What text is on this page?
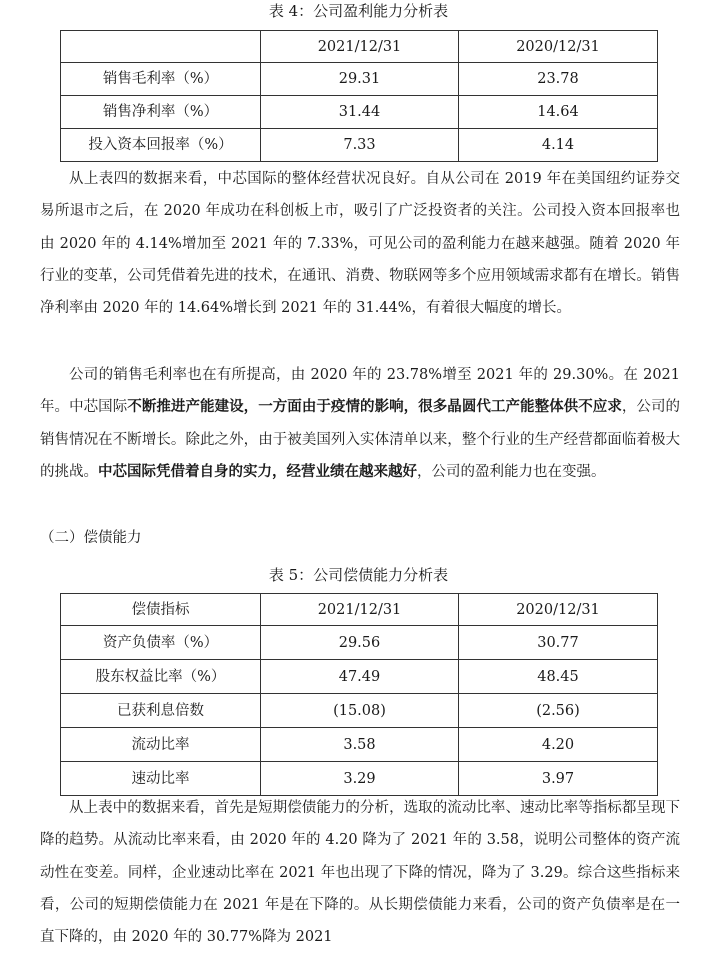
表 4：公司盈利能力分析表
	2021/12/31	2020/12/31
销售毛利率（%）	29.31	23.78
销售净利率（%）	31.44	14.64
投入资本回报率（%）	7.33	4.14

从上表四的数据来看，中芯国际的整体经营状况良好。自从公司在 2019 年在美国纽约证券交易所退市之后，在 2020 年成功在科创板上市，吸引了广泛投资者的关注。公司投入资本回报率也由 2020 年的 4.14%增加至 2021 年的 7.33%，可见公司的盈利能力在越来越强。随着 2020 年行业的变革，公司凭借着先进的技术，在通讯、消费、物联网等多个应用领域需求都有在增长。销售净利率由 2020 年的 14.64%增长到 2021 年的 31.44%，有着很大幅度的增长。

公司的销售毛利率也在有所提高，由 2020 年的 23.78%增至 2021 年的 29.30%。在 2021 年。中芯国际不断推进产能建设，一方面由于疫情的影响，很多晶圆代工产能整体供不应求，公司的销售情况在不断增长。除此之外，由于被美国列入实体清单以来，整个行业的生产经营都面临着极大的挑战。中芯国际凭借着自身的实力，经营业绩在越来越好，公司的盈利能力也在变强。

（二）偿债能力
表 5：公司偿债能力分析表
偿债指标	2021/12/31	2020/12/31
资产负债率（%）	29.56	30.77
股东权益比率（%）	47.49	48.45
已获利息倍数	(15.08)	(2.56)
流动比率	3.58	4.20
速动比率	3.29	3.97

从上表中的数据来看，首先是短期偿债能力的分析，选取的流动比率、速动比率等指标都呈现下降的趋势。从流动比率来看，由 2020 年的 4.20 降为了 2021 年的 3.58，说明公司整体的资产流动性在变差。同样，企业速动比率在 2021 年也出现了下降的情况，降为了 3.29。综合这些指标来看，公司的短期偿债能力在 2021 年是在下降的。从长期偿债能力来看，公司的资产负债率是在一直下降的，由 2020 年的 30.77%降为 2021
